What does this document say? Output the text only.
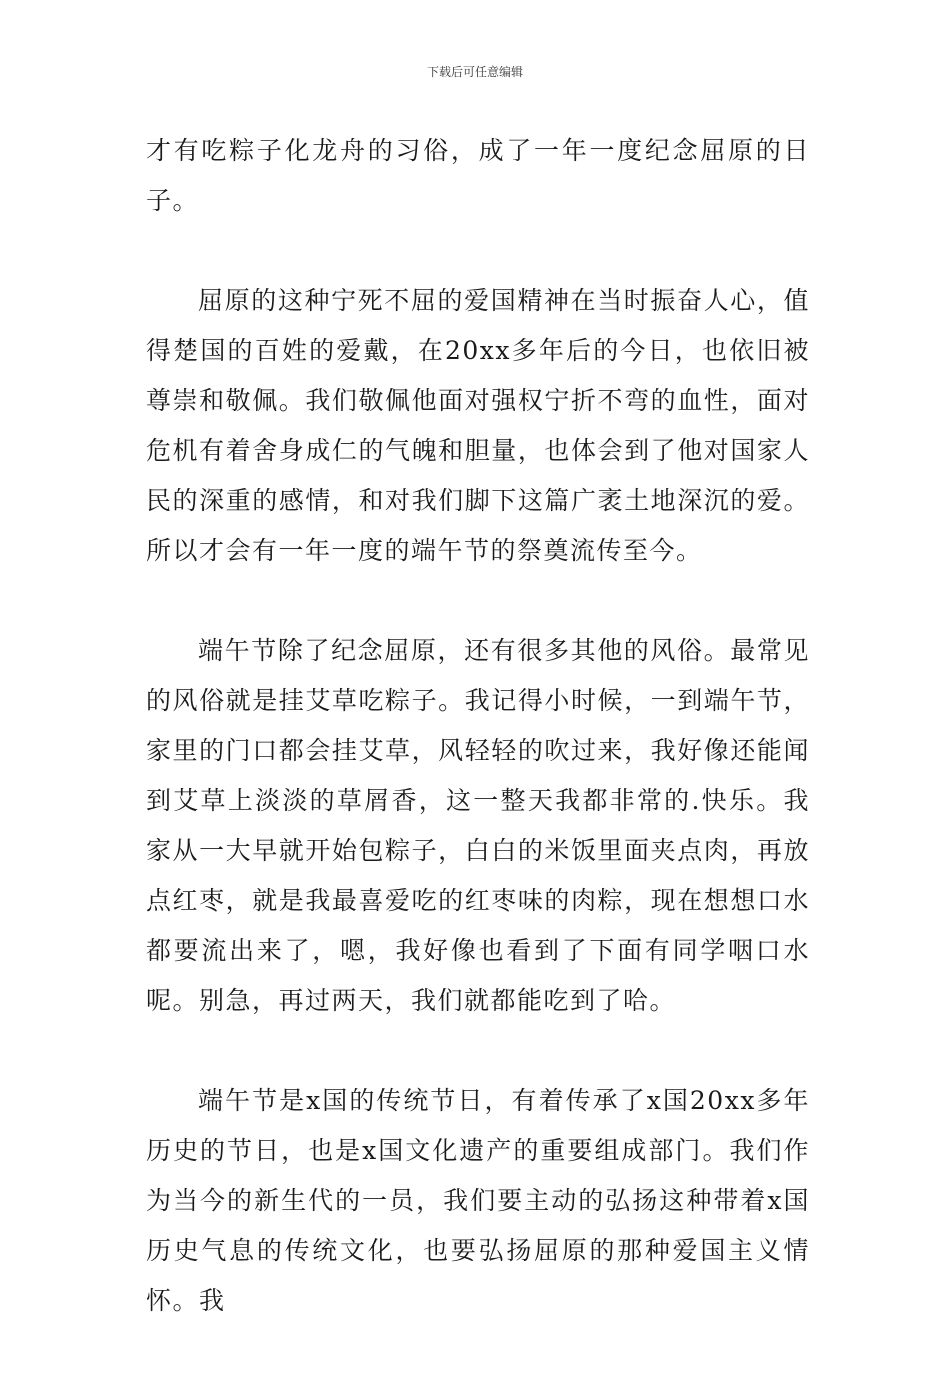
下载后可任意编辑

才有吃粽子化龙舟的习俗，成了一年一度纪念屈原的日子。

屈原的这种宁死不屈的爱国精神在当时振奋人心，值得楚国的百姓的爱戴，在20xx多年后的今日，也依旧被尊崇和敬佩。我们敬佩他面对强权宁折不弯的血性，面对危机有着舍身成仁的气魄和胆量，也体会到了他对国家人民的深重的感情，和对我们脚下这篇广袤土地深沉的爱。所以才会有一年一度的端午节的祭奠流传至今。

端午节除了纪念屈原，还有很多其他的风俗。最常见的风俗就是挂艾草吃粽子。我记得小时候，一到端午节，家里的门口都会挂艾草，风轻轻的吹过来，我好像还能闻到艾草上淡淡的草屑香，这一整天我都非常的.快乐。我家从一大早就开始包粽子，白白的米饭里面夹点肉，再放点红枣，就是我最喜爱吃的红枣味的肉粽，现在想想口水都要流出来了，嗯，我好像也看到了下面有同学咽口水呢。别急，再过两天，我们就都能吃到了哈。

端午节是x国的传统节日，有着传承了x国20xx多年历史的节日，也是x国文化遗产的重要组成部门。我们作为当今的新生代的一员，我们要主动的弘扬这种带着x国历史气息的传统文化，也要弘扬屈原的那种爱国主义情怀。我
